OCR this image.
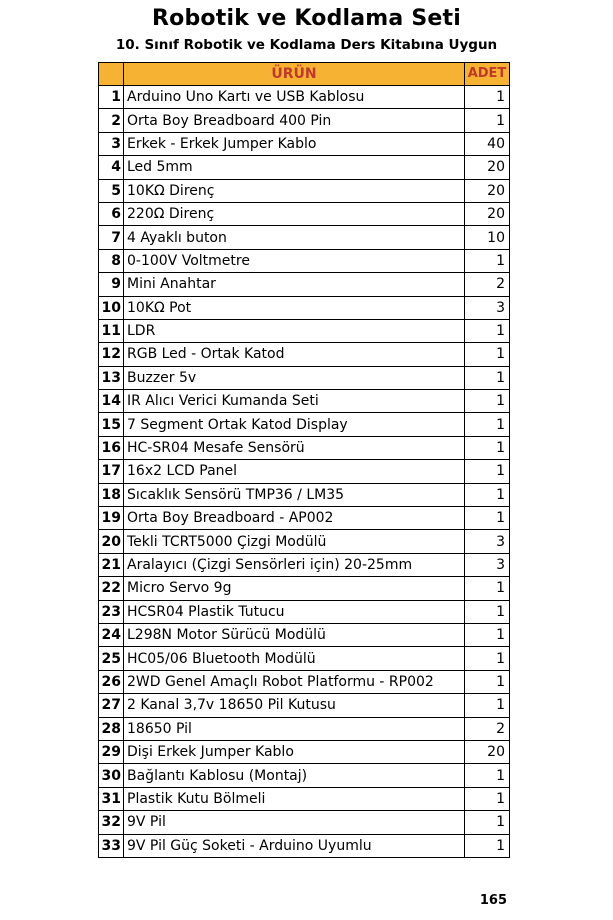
Robotik ve Kodlama Seti
10. Sınıf Robotik ve Kodlama Ders Kitabına Uygun
	ÜRÜN	ADET
1	Arduino Uno Kartı ve USB Kablosu	1
2	Orta Boy Breadboard 400 Pin	1
3	Erkek - Erkek Jumper Kablo	40
4	Led 5mm	20
5	10KΩ Direnç	20
6	220Ω Direnç	20
7	4 Ayaklı buton	10
8	0-100V Voltmetre	1
9	Mini Anahtar	2
10	10KΩ Pot	3
11	LDR	1
12	RGB Led - Ortak Katod	1
13	Buzzer 5v	1
14	IR Alıcı Verici Kumanda Seti	1
15	7 Segment Ortak Katod Display	1
16	HC-SR04 Mesafe Sensörü	1
17	16x2 LCD Panel	1
18	Sıcaklık Sensörü TMP36 / LM35	1
19	Orta Boy Breadboard - AP002	1
20	Tekli TCRT5000 Çizgi Modülü	3
21	Aralayıcı (Çizgi Sensörleri için) 20-25mm	3
22	Micro Servo 9g	1
23	HCSR04 Plastik Tutucu	1
24	L298N Motor Sürücü Modülü	1
25	HC05/06 Bluetooth Modülü	1
26	2WD Genel Amaçlı Robot Platformu - RP002	1
27	2 Kanal 3,7v 18650 Pil Kutusu	1
28	18650 Pil	2
29	Dişi Erkek Jumper Kablo	20
30	Bağlantı Kablosu (Montaj)	1
31	Plastik Kutu Bölmeli	1
32	9V Pil	1
33	9V Pil Güç Soketi - Arduino Uyumlu	1
165
